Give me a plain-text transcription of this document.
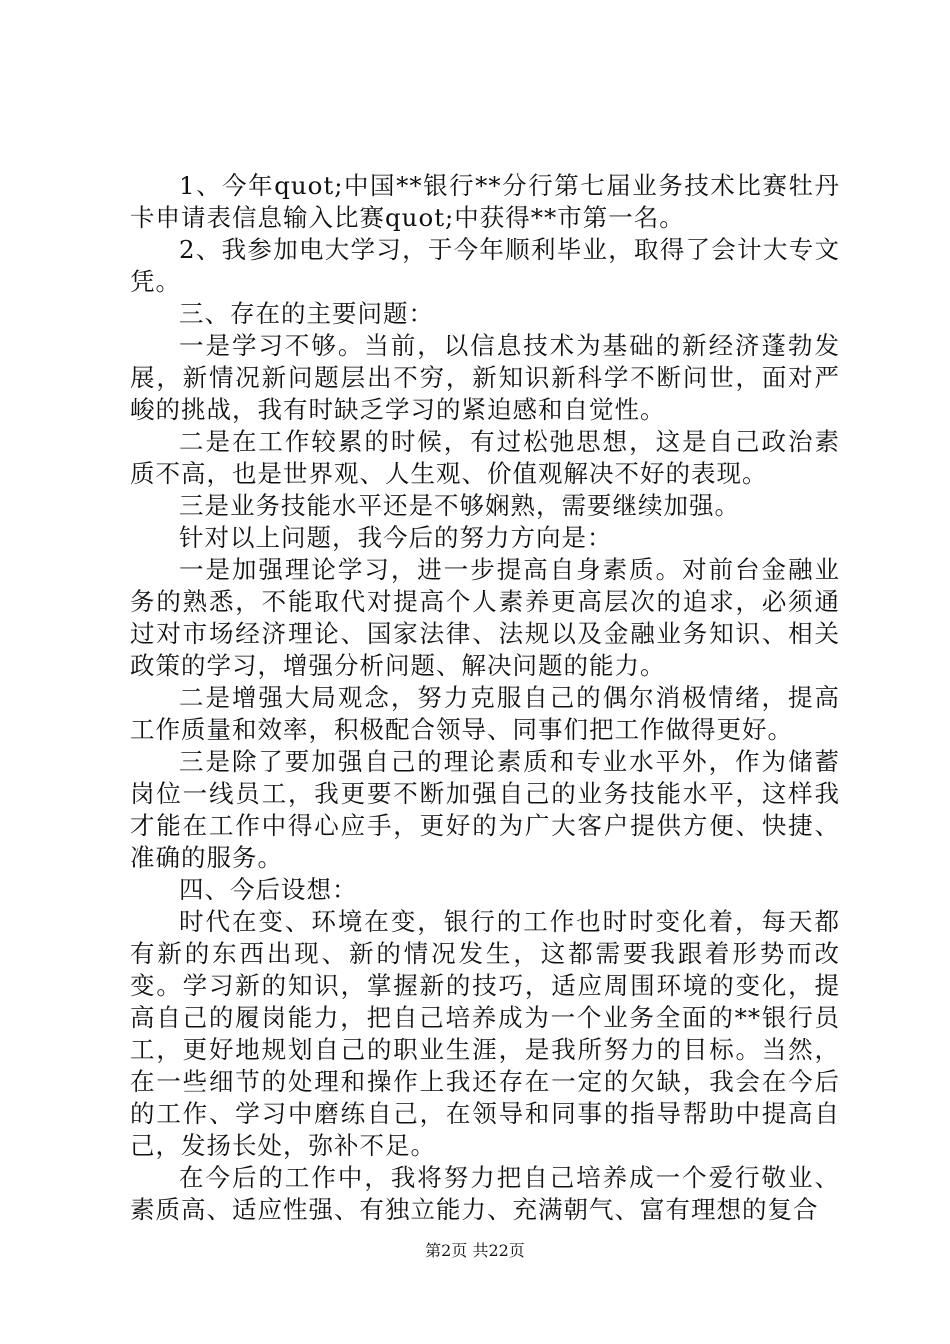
1、今年quot;中国**银行**分行第七届业务技术比赛牡丹卡申请表信息输入比赛quot;中获得**市第一名。

2、我参加电大学习，于今年顺利毕业，取得了会计大专文凭。

三、存在的主要问题：

一是学习不够。当前，以信息技术为基础的新经济蓬勃发展，新情况新问题层出不穷，新知识新科学不断问世，面对严峻的挑战，我有时缺乏学习的紧迫感和自觉性。

二是在工作较累的时候，有过松弛思想，这是自己政治素质不高，也是世界观、人生观、价值观解决不好的表现。

三是业务技能水平还是不够娴熟，需要继续加强。

针对以上问题，我今后的努力方向是：

一是加强理论学习，进一步提高自身素质。对前台金融业务的熟悉，不能取代对提高个人素养更高层次的追求，必须通过对市场经济理论、国家法律、法规以及金融业务知识、相关政策的学习，增强分析问题、解决问题的能力。

二是增强大局观念，努力克服自己的偶尔消极情绪，提高工作质量和效率，积极配合领导、同事们把工作做得更好。

三是除了要加强自己的理论素质和专业水平外，作为储蓄岗位一线员工，我更要不断加强自己的业务技能水平，这样我才能在工作中得心应手，更好的为广大客户提供方便、快捷、准确的服务。

四、今后设想：

时代在变、环境在变，银行的工作也时时变化着，每天都有新的东西出现、新的情况发生，这都需要我跟着形势而改变。学习新的知识，掌握新的技巧，适应周围环境的变化，提高自己的履岗能力，把自己培养成为一个业务全面的**银行员工，更好地规划自己的职业生涯，是我所努力的目标。当然，在一些细节的处理和操作上我还存在一定的欠缺，我会在今后的工作、学习中磨练自己，在领导和同事的指导帮助中提高自己，发扬长处，弥补不足。

在今后的工作中，我将努力把自己培养成一个爱行敬业、素质高、适应性强、有独立能力、充满朝气、富有理想的复合

第2页 共22页
